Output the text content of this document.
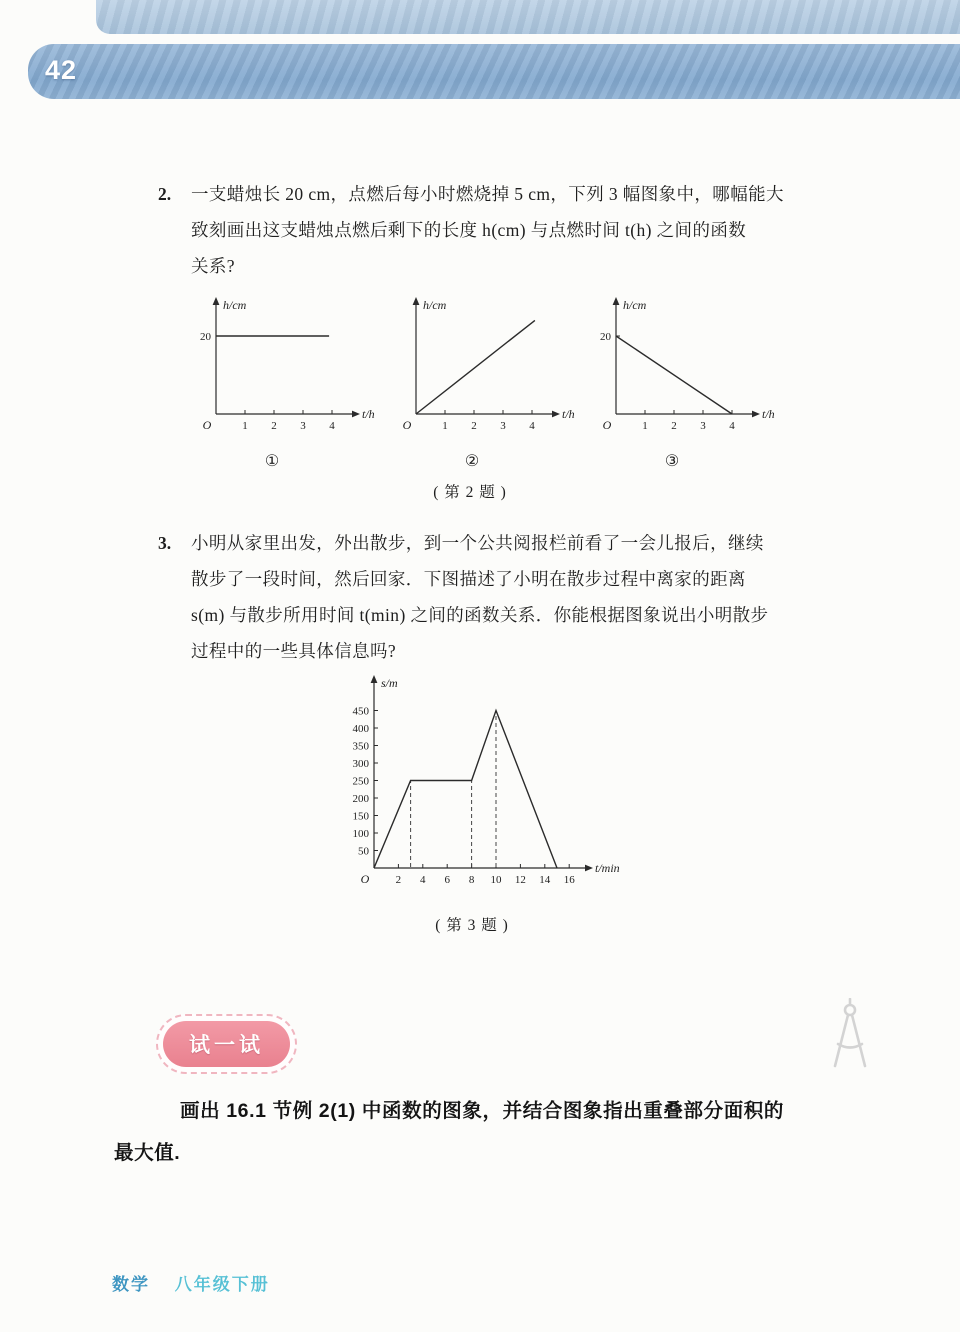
42
2. 一支蜡烛长 20 cm，点燃后每小时燃烧掉 5 cm，下列 3 幅图象中，哪幅能大
致刻画出这支蜡烛点燃后剩下的长度 h(cm) 与点燃时间 t(h) 之间的函数
关系?
O
t/h
h/cm
1 2 3 4
20
①
O
t/h
h/cm
1 2 3 4
②
O
t/h
h/cm
1 2 3 4
20
③
( 第 2 题 )
3. 小明从家里出发，外出散步，到一个公共阅报栏前看了一会儿报后，继续
散步了一段时间，然后回家．下图描述了小明在散步过程中离家的距离
s(m) 与散步所用时间 t(min) 之间的函数关系．你能根据图象说出小明散步
过程中的一些具体信息吗?
O
t/min
s/m
2 4 6 8 10 12 14 16
50
100
150
200
250
300
350
400
450
( 第 3 题 )
试一试
画出 16.1 节例 2(1) 中函数的图象，并结合图象指出重叠部分面积的
最大值.
数学 八年级下册
